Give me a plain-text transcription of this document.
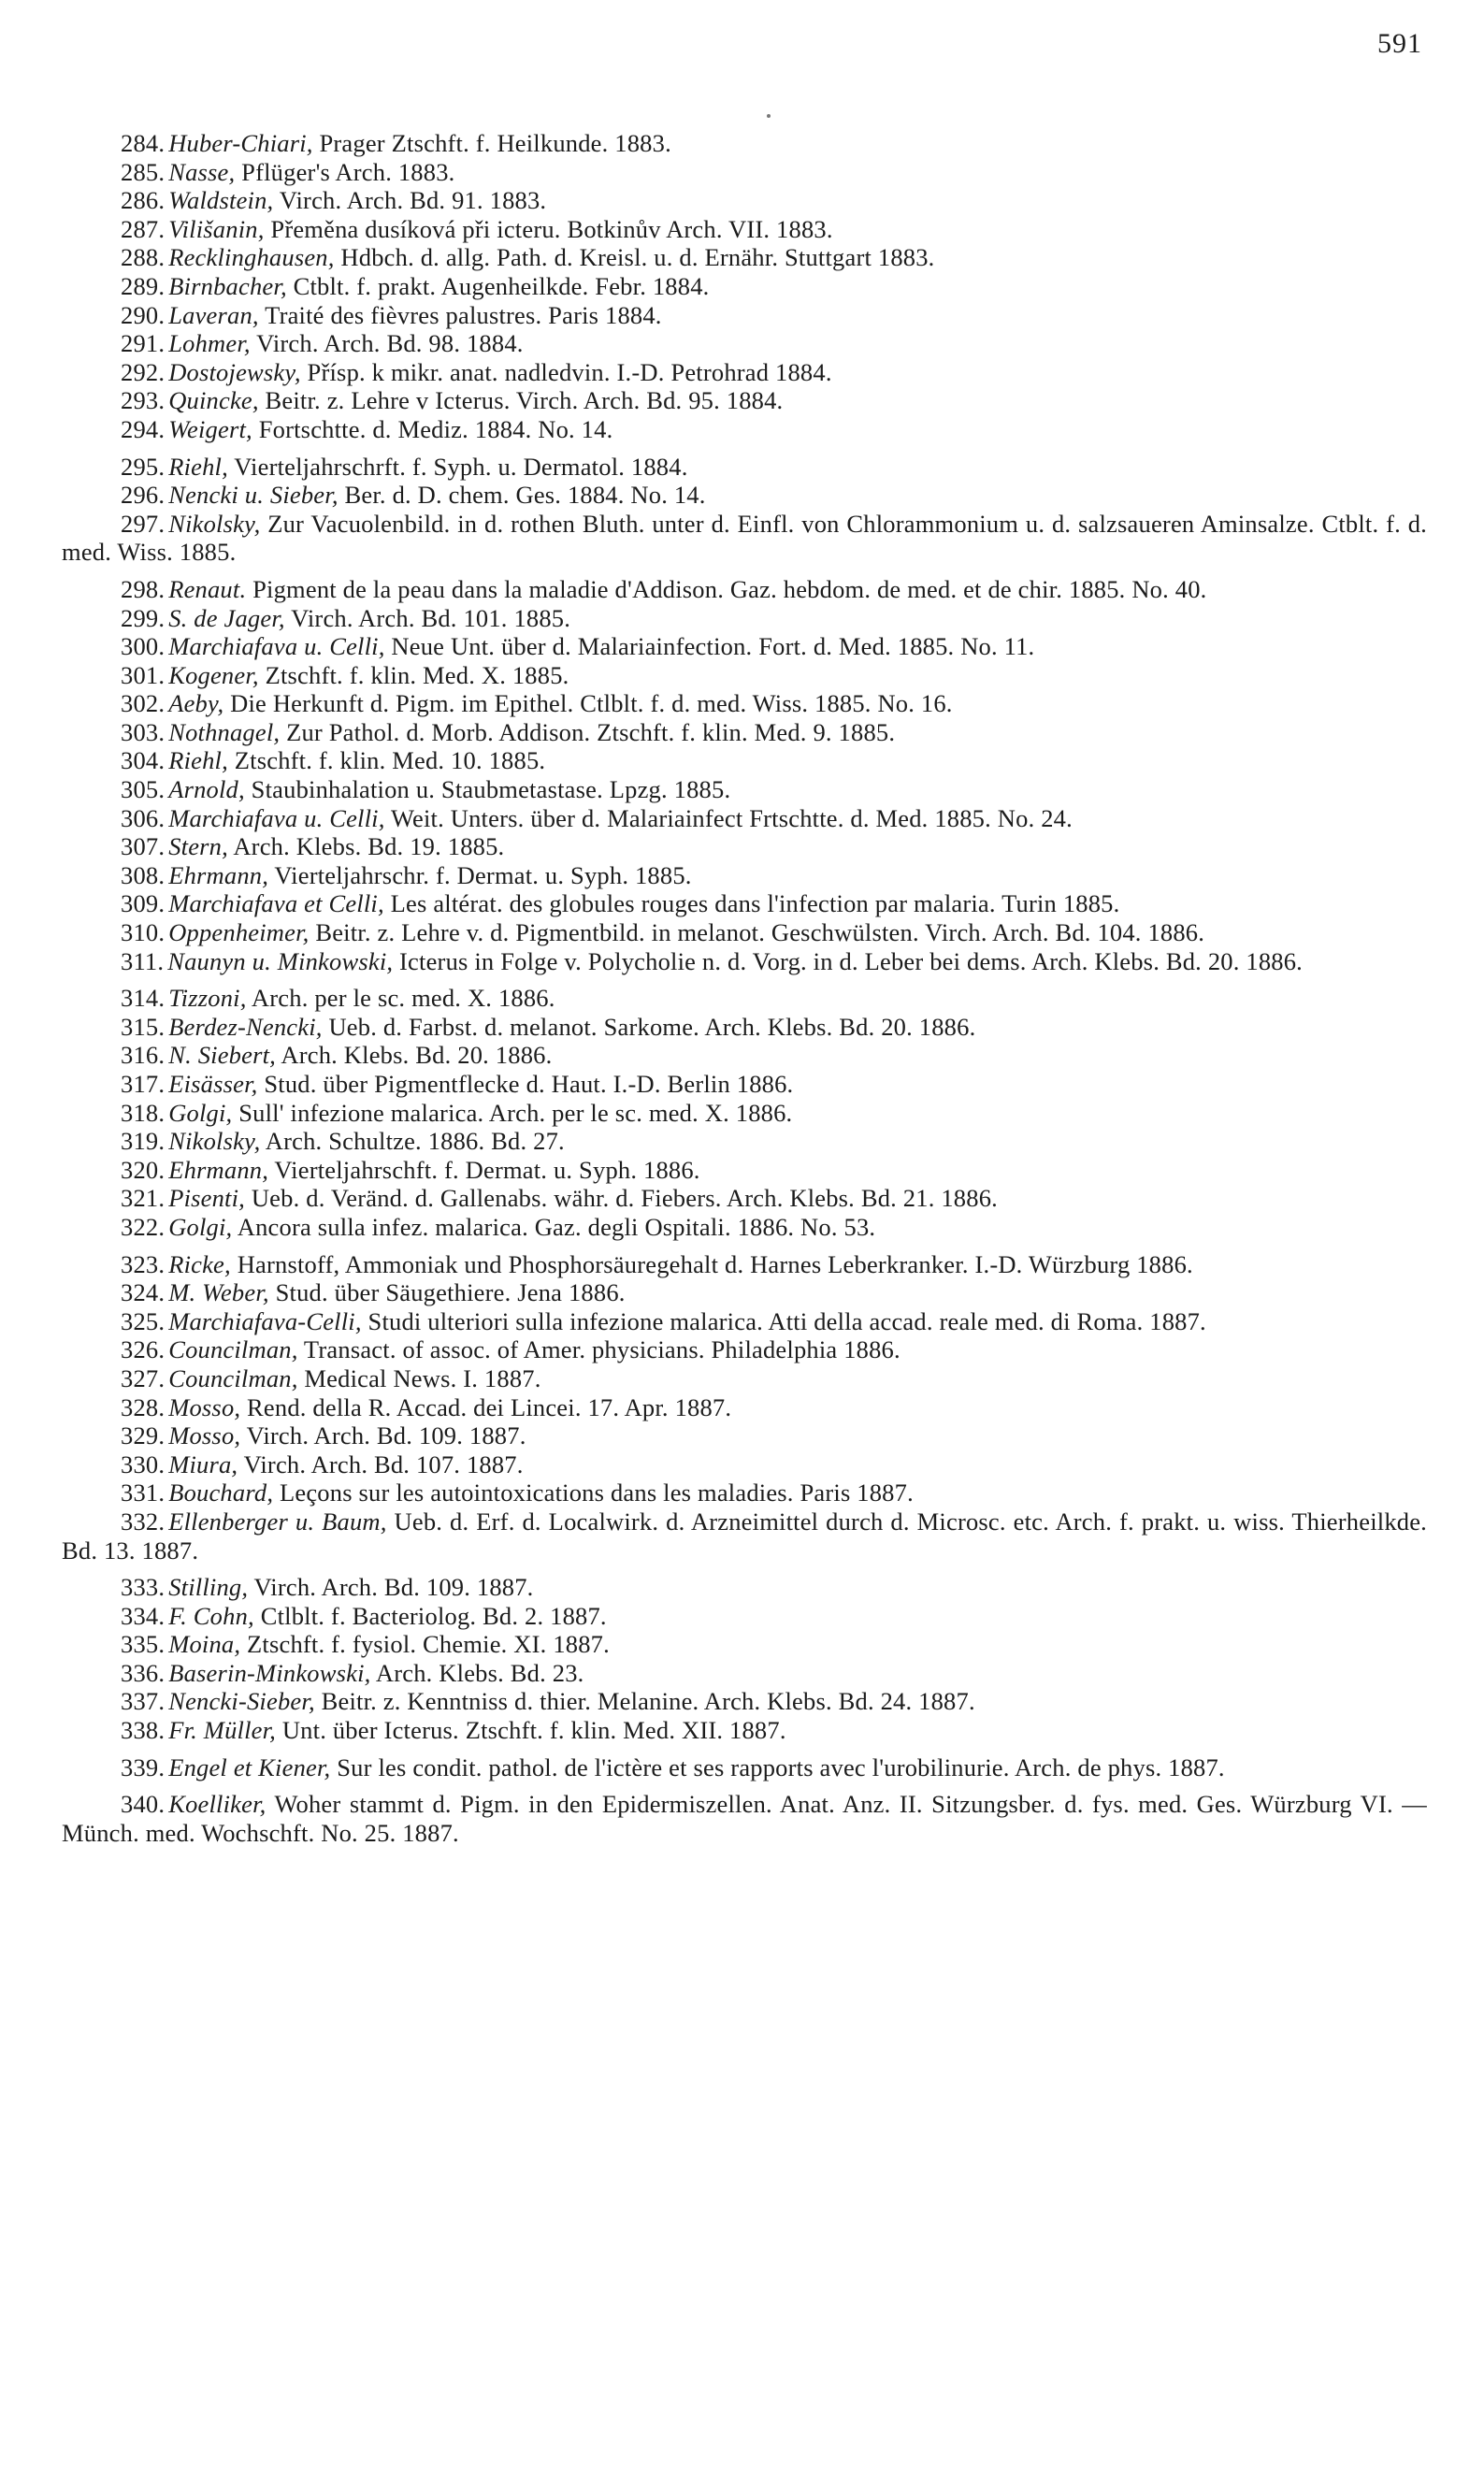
591

284. Huber-Chiari, Prager Ztschft. f. Heilkunde. 1883.

285. Nasse, Pflüger's Arch. 1883.

286. Waldstein, Virch. Arch. Bd. 91. 1883.

287. Vilišanin, Přeměna dusíková při icteru. Botkinův Arch. VII. 1883.

288. Recklinghausen, Hdbch. d. allg. Path. d. Kreisl. u. d. Ernähr. Stuttgart 1883.

289. Birnbacher, Ctblt. f. prakt. Augenheilkde. Febr. 1884.

290. Laveran, Traité des fièvres palustres. Paris 1884.

291. Lohmer, Virch. Arch. Bd. 98. 1884.

292. Dostojewsky, Přísp. k mikr. anat. nadledvin. I.-D. Petrohrad 1884.

293. Quincke, Beitr. z. Lehre v Icterus. Virch. Arch. Bd. 95. 1884.

294. Weigert, Fortschtte. d. Mediz. 1884. No. 14.

295. Riehl, Vierteljahrschrft. f. Syph. u. Dermatol. 1884.

296. Nencki u. Sieber, Ber. d. D. chem. Ges. 1884. No. 14.

297. Nikolsky, Zur Vacuolenbild. in d. rothen Bluth. unter d. Einfl. von Chlorammonium u. d. salzsaueren Aminsalze. Ctblt. f. d. med. Wiss. 1885.

298. Renaut. Pigment de la peau dans la maladie d'Addison. Gaz. hebdom. de med. et de chir. 1885. No. 40.

299. S. de Jager, Virch. Arch. Bd. 101. 1885.

300. Marchiafava u. Celli, Neue Unt. über d. Malariainfection. Fort. d. Med. 1885. No. 11.

301. Kogener, Ztschft. f. klin. Med. X. 1885.

302. Aeby, Die Herkunft d. Pigm. im Epithel. Ctlblt. f. d. med. Wiss. 1885. No. 16.

303. Nothnagel, Zur Pathol. d. Morb. Addison. Ztschft. f. klin. Med. 9. 1885.

304. Riehl, Ztschft. f. klin. Med. 10. 1885.

305. Arnold, Staubinhalation u. Staubmetastase. Lpzg. 1885.

306. Marchiafava u. Celli, Weit. Unters. über d. Malariainfect Frtschtte. d. Med. 1885. No. 24.

307. Stern, Arch. Klebs. Bd. 19. 1885.

308. Ehrmann, Vierteljahrschr. f. Dermat. u. Syph. 1885.

309. Marchiafava et Celli, Les altérat. des globules rouges dans l'infection par malaria. Turin 1885.

310. Oppenheimer, Beitr. z. Lehre v. d. Pigmentbild. in melanot. Geschwülsten. Virch. Arch. Bd. 104. 1886.

311. Naunyn u. Minkowski, Icterus in Folge v. Polycholie n. d. Vorg. in d. Leber bei dems. Arch. Klebs. Bd. 20. 1886.

314. Tizzoni, Arch. per le sc. med. X. 1886.

315. Berdez-Nencki, Ueb. d. Farbst. d. melanot. Sarkome. Arch. Klebs. Bd. 20. 1886.

316. N. Siebert, Arch. Klebs. Bd. 20. 1886.

317. Eisässer, Stud. über Pigmentflecke d. Haut. I.-D. Berlin 1886.

318. Golgi, Sull' infezione malarica. Arch. per le sc. med. X. 1886.

319. Nikolsky, Arch. Schultze. 1886. Bd. 27.

320. Ehrmann, Vierteljahrschft. f. Dermat. u. Syph. 1886.

321. Pisenti, Ueb. d. Veränd. d. Gallenabs. währ. d. Fiebers. Arch. Klebs. Bd. 21. 1886.

322. Golgi, Ancora sulla infez. malarica. Gaz. degli Ospitali. 1886. No. 53.

323. Ricke, Harnstoff, Ammoniak und Phosphorsäuregehalt d. Harnes Leberkranker. I.-D. Würzburg 1886.

324. M. Weber, Stud. über Säugethiere. Jena 1886.

325. Marchiafava-Celli, Studi ulteriori sulla infezione malarica. Atti della accad. reale med. di Roma. 1887.

326. Councilman, Transact. of assoc. of Amer. physicians. Philadelphia 1886.

327. Councilman, Medical News. I. 1887.

328. Mosso, Rend. della R. Accad. dei Lincei. 17. Apr. 1887.

329. Mosso, Virch. Arch. Bd. 109. 1887.

330. Miura, Virch. Arch. Bd. 107. 1887.

331. Bouchard, Leçons sur les autointoxications dans les maladies. Paris 1887.

332. Ellenberger u. Baum, Ueb. d. Erf. d. Localwirk. d. Arzneimittel durch d. Microsc. etc. Arch. f. prakt. u. wiss. Thierheilkde. Bd. 13. 1887.

333. Stilling, Virch. Arch. Bd. 109. 1887.

334. F. Cohn, Ctlblt. f. Bacteriolog. Bd. 2. 1887.

335. Moina, Ztschft. f. fysiol. Chemie. XI. 1887.

336. Baserin-Minkowski, Arch. Klebs. Bd. 23.

337. Nencki-Sieber, Beitr. z. Kenntniss d. thier. Melanine. Arch. Klebs. Bd. 24. 1887.

338. Fr. Müller, Unt. über Icterus. Ztschft. f. klin. Med. XII. 1887.

339. Engel et Kiener, Sur les condit. pathol. de l'ictère et ses rapports avec l'urobilinurie. Arch. de phys. 1887.

340. Koelliker, Woher stammt d. Pigm. in den Epidermiszellen. Anat. Anz. II. Sitzungsber. d. fys. med. Ges. Würzburg VI. — Münch. med. Wochschft. No. 25. 1887.
